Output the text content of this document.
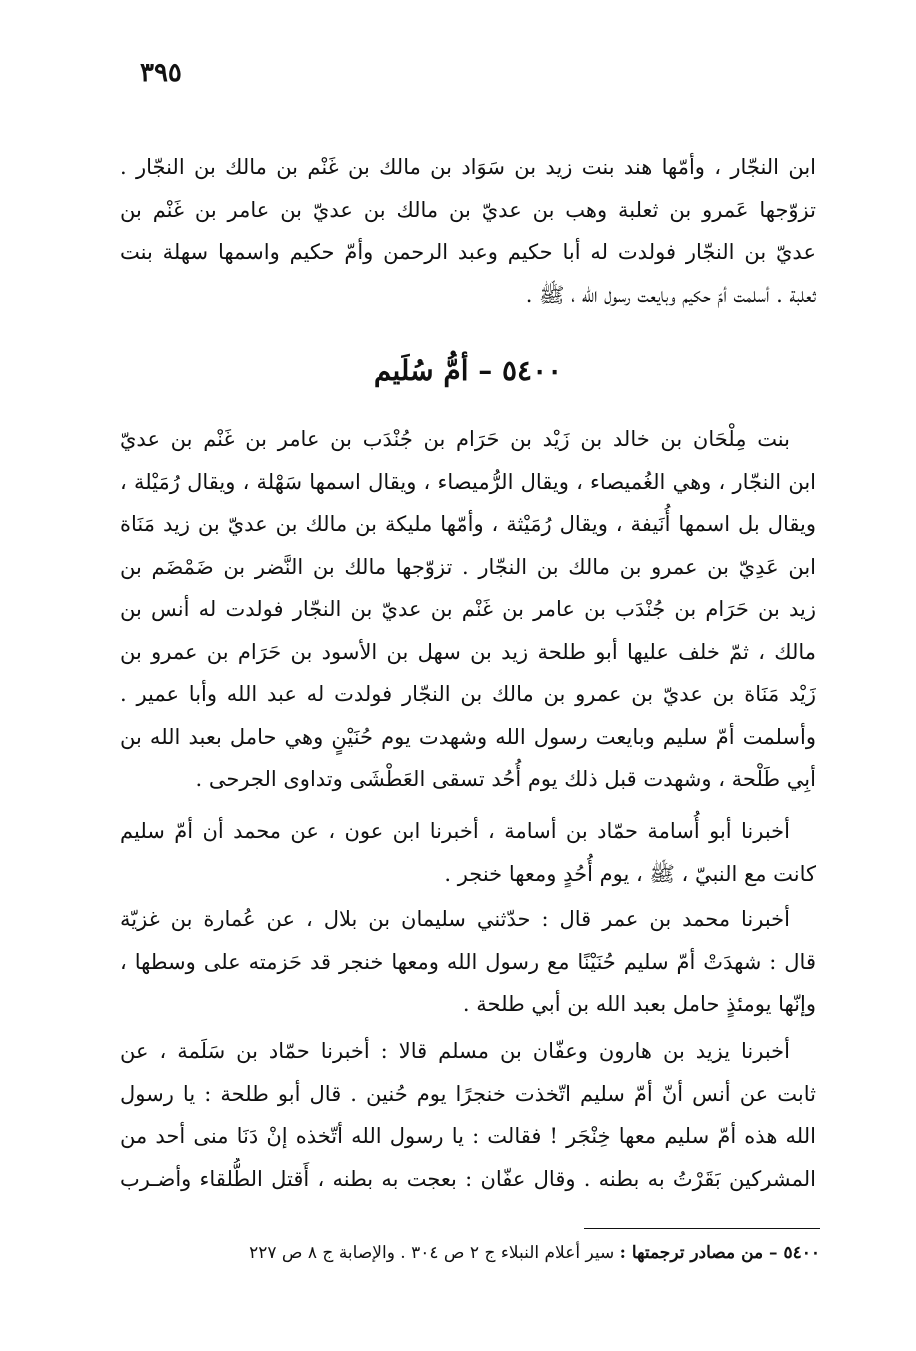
٣٩٥
ابن النجّار ، وأمّها هند بنت زيد بن سَوَاد بن مالك بن غَنْم بن مالك بن النجّار .
تزوّجها عَمرو بن ثعلبة وهب بن عديّ بن مالك بن عديّ بن عامر بن غَنْم بن
عديّ بن النجّار فولدت له أبا حكيم وعبد الرحمن وأمّ حكيم واسمها سهلة بنت
ثعلبة . أسلمت أمّ حكيم وبايعت رسول الله ، ﷺ .
٥٤٠٠ – أمُّ سُلَيم
بنت مِلْحَان بن خالد بن زَيْد بن حَرَام بن جُنْدَب بن عامر بن غَنْم بن عديّ
ابن النجّار ، وهي الغُميصاء ، ويقال الرُّميصاء ، ويقال اسمها سَهْلة ، ويقال رُمَيْلة ،
ويقال بل اسمها أُنَيفة ، ويقال رُمَيْثة ، وأمّها مليكة بن مالك بن عديّ بن زيد مَنَاة
ابن عَدِيّ بن عمرو بن مالك بن النجّار . تزوّجها مالك بن النَّضر بن ضَمْضَم بن
زيد بن حَرَام بن جُنْدَب بن عامر بن غَنْم بن عديّ بن النجّار فولدت له أنس بن
مالك ، ثمّ خلف عليها أبو طلحة زيد بن سهل بن الأسود بن حَرَام بن عمرو بن
زَيْد مَنَاة بن عديّ بن عمرو بن مالك بن النجّار فولدت له عبد الله وأبا عمير .
وأسلمت أمّ سليم وبايعت رسول الله وشهدت يوم حُنَيْنٍ وهي حامل بعبد الله بن
أبِي طَلْحة ، وشهدت قبل ذلك يوم أُحُد تسقى العَطْشَى وتداوى الجرحى .
أخبرنا أبو أُسامة حمّاد بن أسامة ، أخبرنا ابن عون ، عن محمد أن أمّ سليم
كانت مع النبيّ ، ﷺ ، يوم أُحُدٍ ومعها خنجر .
أخبرنا محمد بن عمر قال : حدّثني سليمان بن بلال ، عن عُمارة بن غزيّة
قال : شهدَتْ أمّ سليم حُنَيْنًا مع رسول الله ومعها خنجر قد حَزمته على وسطها ،
وإنّها يومئذٍ حامل بعبد الله بن أبي طلحة .
أخبرنا يزيد بن هارون وعفّان بن مسلم قالا : أخبرنا حمّاد بن سَلَمة ، عن
ثابت عن أنس أنّ أمّ سليم اتّخذت خنجرًا يوم حُنين . قال أبو طلحة : يا رسول
الله هذه أمّ سليم معها خِنْجَر ! فقالت : يا رسول الله أتّخذه إنْ دَنَا منى أحد من
المشركين بَقَرْتُ به بطنه . وقال عفّان : بعجت به بطنه ، أَقتل الطُّلقاء وأضـرب
٥٤٠٠ – من مصادر ترجمتها : سير أعلام النبلاء ج ٢ ص ٣٠٤ . والإصابة ج ٨ ص ٢٢٧
